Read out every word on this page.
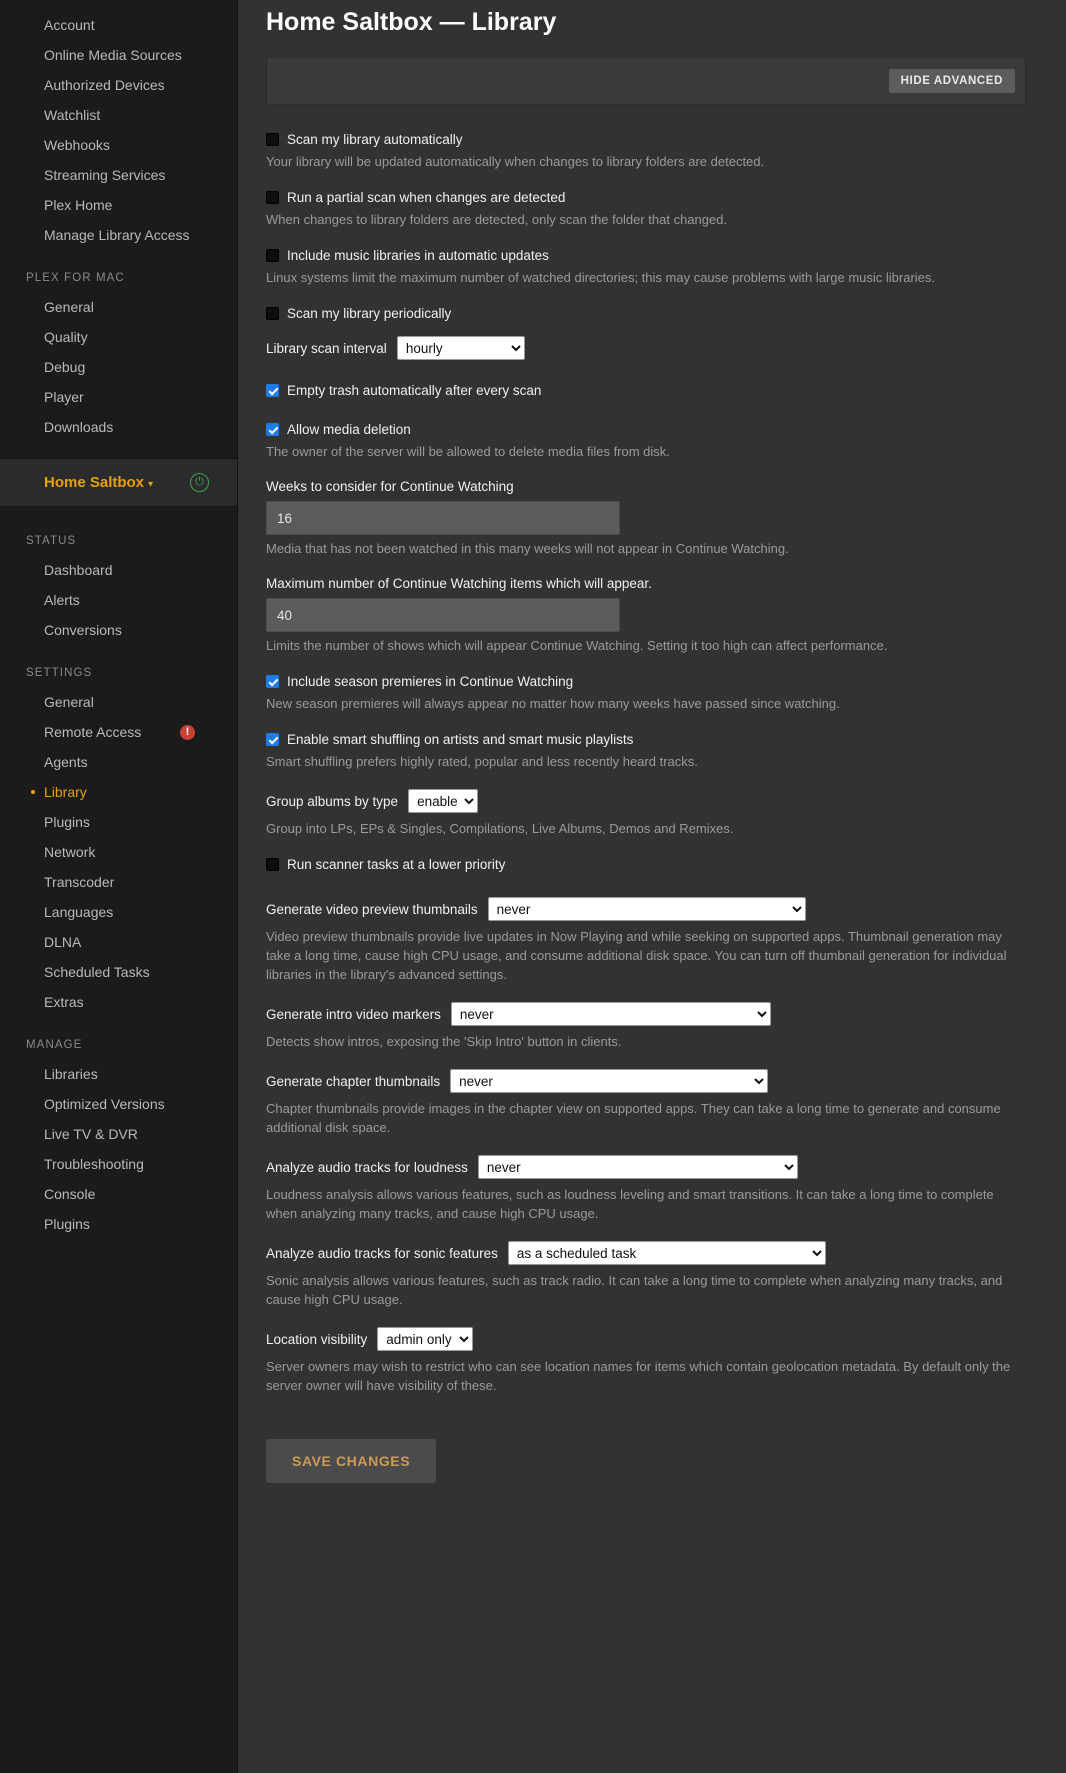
Account
Online Media Sources
Authorized Devices
Watchlist
Webhooks
Streaming Services
Plex Home
Manage Library Access
PLEX FOR MAC
General
Quality
Debug
Player
Downloads
Home Saltbox ▾	⏻
STATUS
Dashboard
Alerts
Conversions
SETTINGS
General
Remote Access	!
Agents
Library
Plugins
Network
Transcoder
Languages
DLNA
Scheduled Tasks
Extras
MANAGE
Libraries
Optimized Versions
Live TV & DVR
Troubleshooting
Console
Plugins
Home Saltbox — Library
HIDE ADVANCED
Scan my library automatically
Your library will be updated automatically when changes to library folders are detected.
Run a partial scan when changes are detected
When changes to library folders are detected, only scan the folder that changed.
Include music libraries in automatic updates
Linux systems limit the maximum number of watched directories; this may cause problems with large music libraries.
Scan my library periodically
Library scan interval
hourly
Empty trash automatically after every scan
Allow media deletion
The owner of the server will be allowed to delete media files from disk.
Weeks to consider for Continue Watching
16
Media that has not been watched in this many weeks will not appear in Continue Watching.
Maximum number of Continue Watching items which will appear.
40
Limits the number of shows which will appear Continue Watching. Setting it too high can affect performance.
Include season premieres in Continue Watching
New season premieres will always appear no matter how many weeks have passed since watching.
Enable smart shuffling on artists and smart music playlists
Smart shuffling prefers highly rated, popular and less recently heard tracks.
Group albums by type
enabled
Group into LPs, EPs & Singles, Compilations, Live Albums, Demos and Remixes.
Run scanner tasks at a lower priority
Generate video preview thumbnails
never
Video preview thumbnails provide live updates in Now Playing and while seeking on supported apps. Thumbnail generation may take a long time, cause high CPU usage, and consume additional disk space. You can turn off thumbnail generation for individual libraries in the library's advanced settings.
Generate intro video markers
never
Detects show intros, exposing the 'Skip Intro' button in clients.
Generate chapter thumbnails
never
Chapter thumbnails provide images in the chapter view on supported apps. They can take a long time to generate and consume additional disk space.
Analyze audio tracks for loudness
never
Loudness analysis allows various features, such as loudness leveling and smart transitions. It can take a long time to complete when analyzing many tracks, and cause high CPU usage.
Analyze audio tracks for sonic features
as a scheduled task
Sonic analysis allows various features, such as track radio. It can take a long time to complete when analyzing many tracks, and cause high CPU usage.
Location visibility
admin only
Server owners may wish to restrict who can see location names for items which contain geolocation metadata. By default only the server owner will have visibility of these.
SAVE CHANGES
